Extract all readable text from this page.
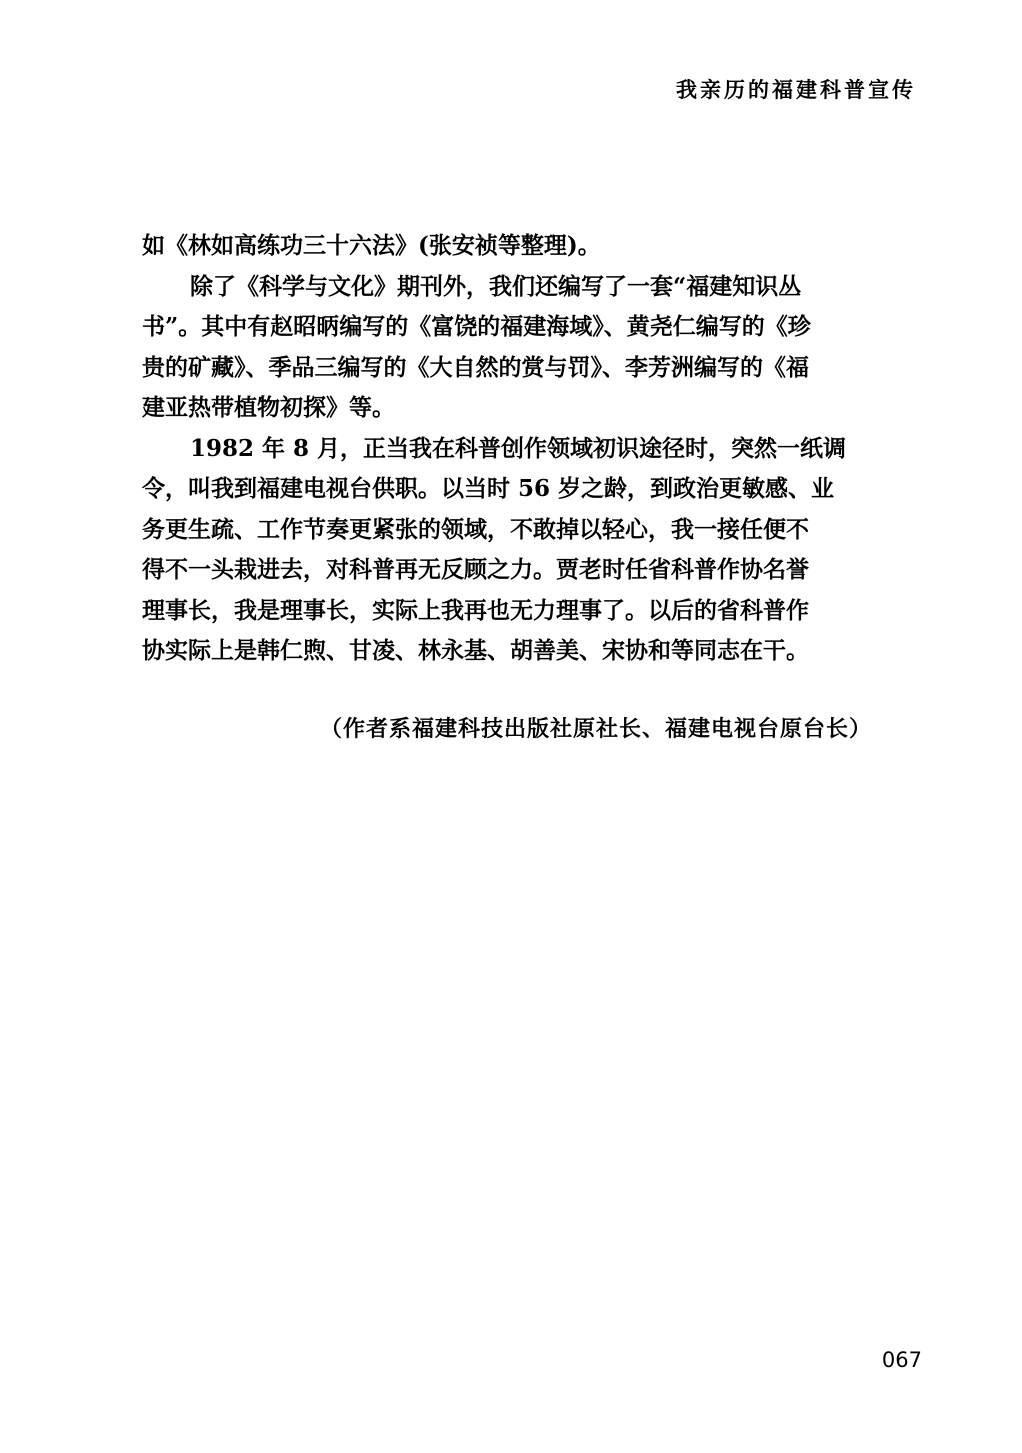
我亲历的福建科普宣传
如《林如高练功三十六法》(张安祯等整理)。
除了《科学与文化》期刊外，我们还编写了一套“福建知识丛
书”。其中有赵昭昞编写的《富饶的福建海域》、黄尧仁编写的《珍
贵的矿藏》、季品三编写的《大自然的赏与罚》、李芳洲编写的《福
建亚热带植物初探》等。
1982 年 8 月，正当我在科普创作领域初识途径时，突然一纸调
令，叫我到福建电视台供职。以当时 56 岁之龄，到政治更敏感、业
务更生疏、工作节奏更紧张的领域，不敢掉以轻心，我一接任便不
得不一头栽进去，对科普再无反顾之力。贾老时任省科普作协名誉
理事长，我是理事长，实际上我再也无力理事了。以后的省科普作
协实际上是韩仁煦、甘凌、林永基、胡善美、宋协和等同志在干。
（作者系福建科技出版社原社长、福建电视台原台长）
067
